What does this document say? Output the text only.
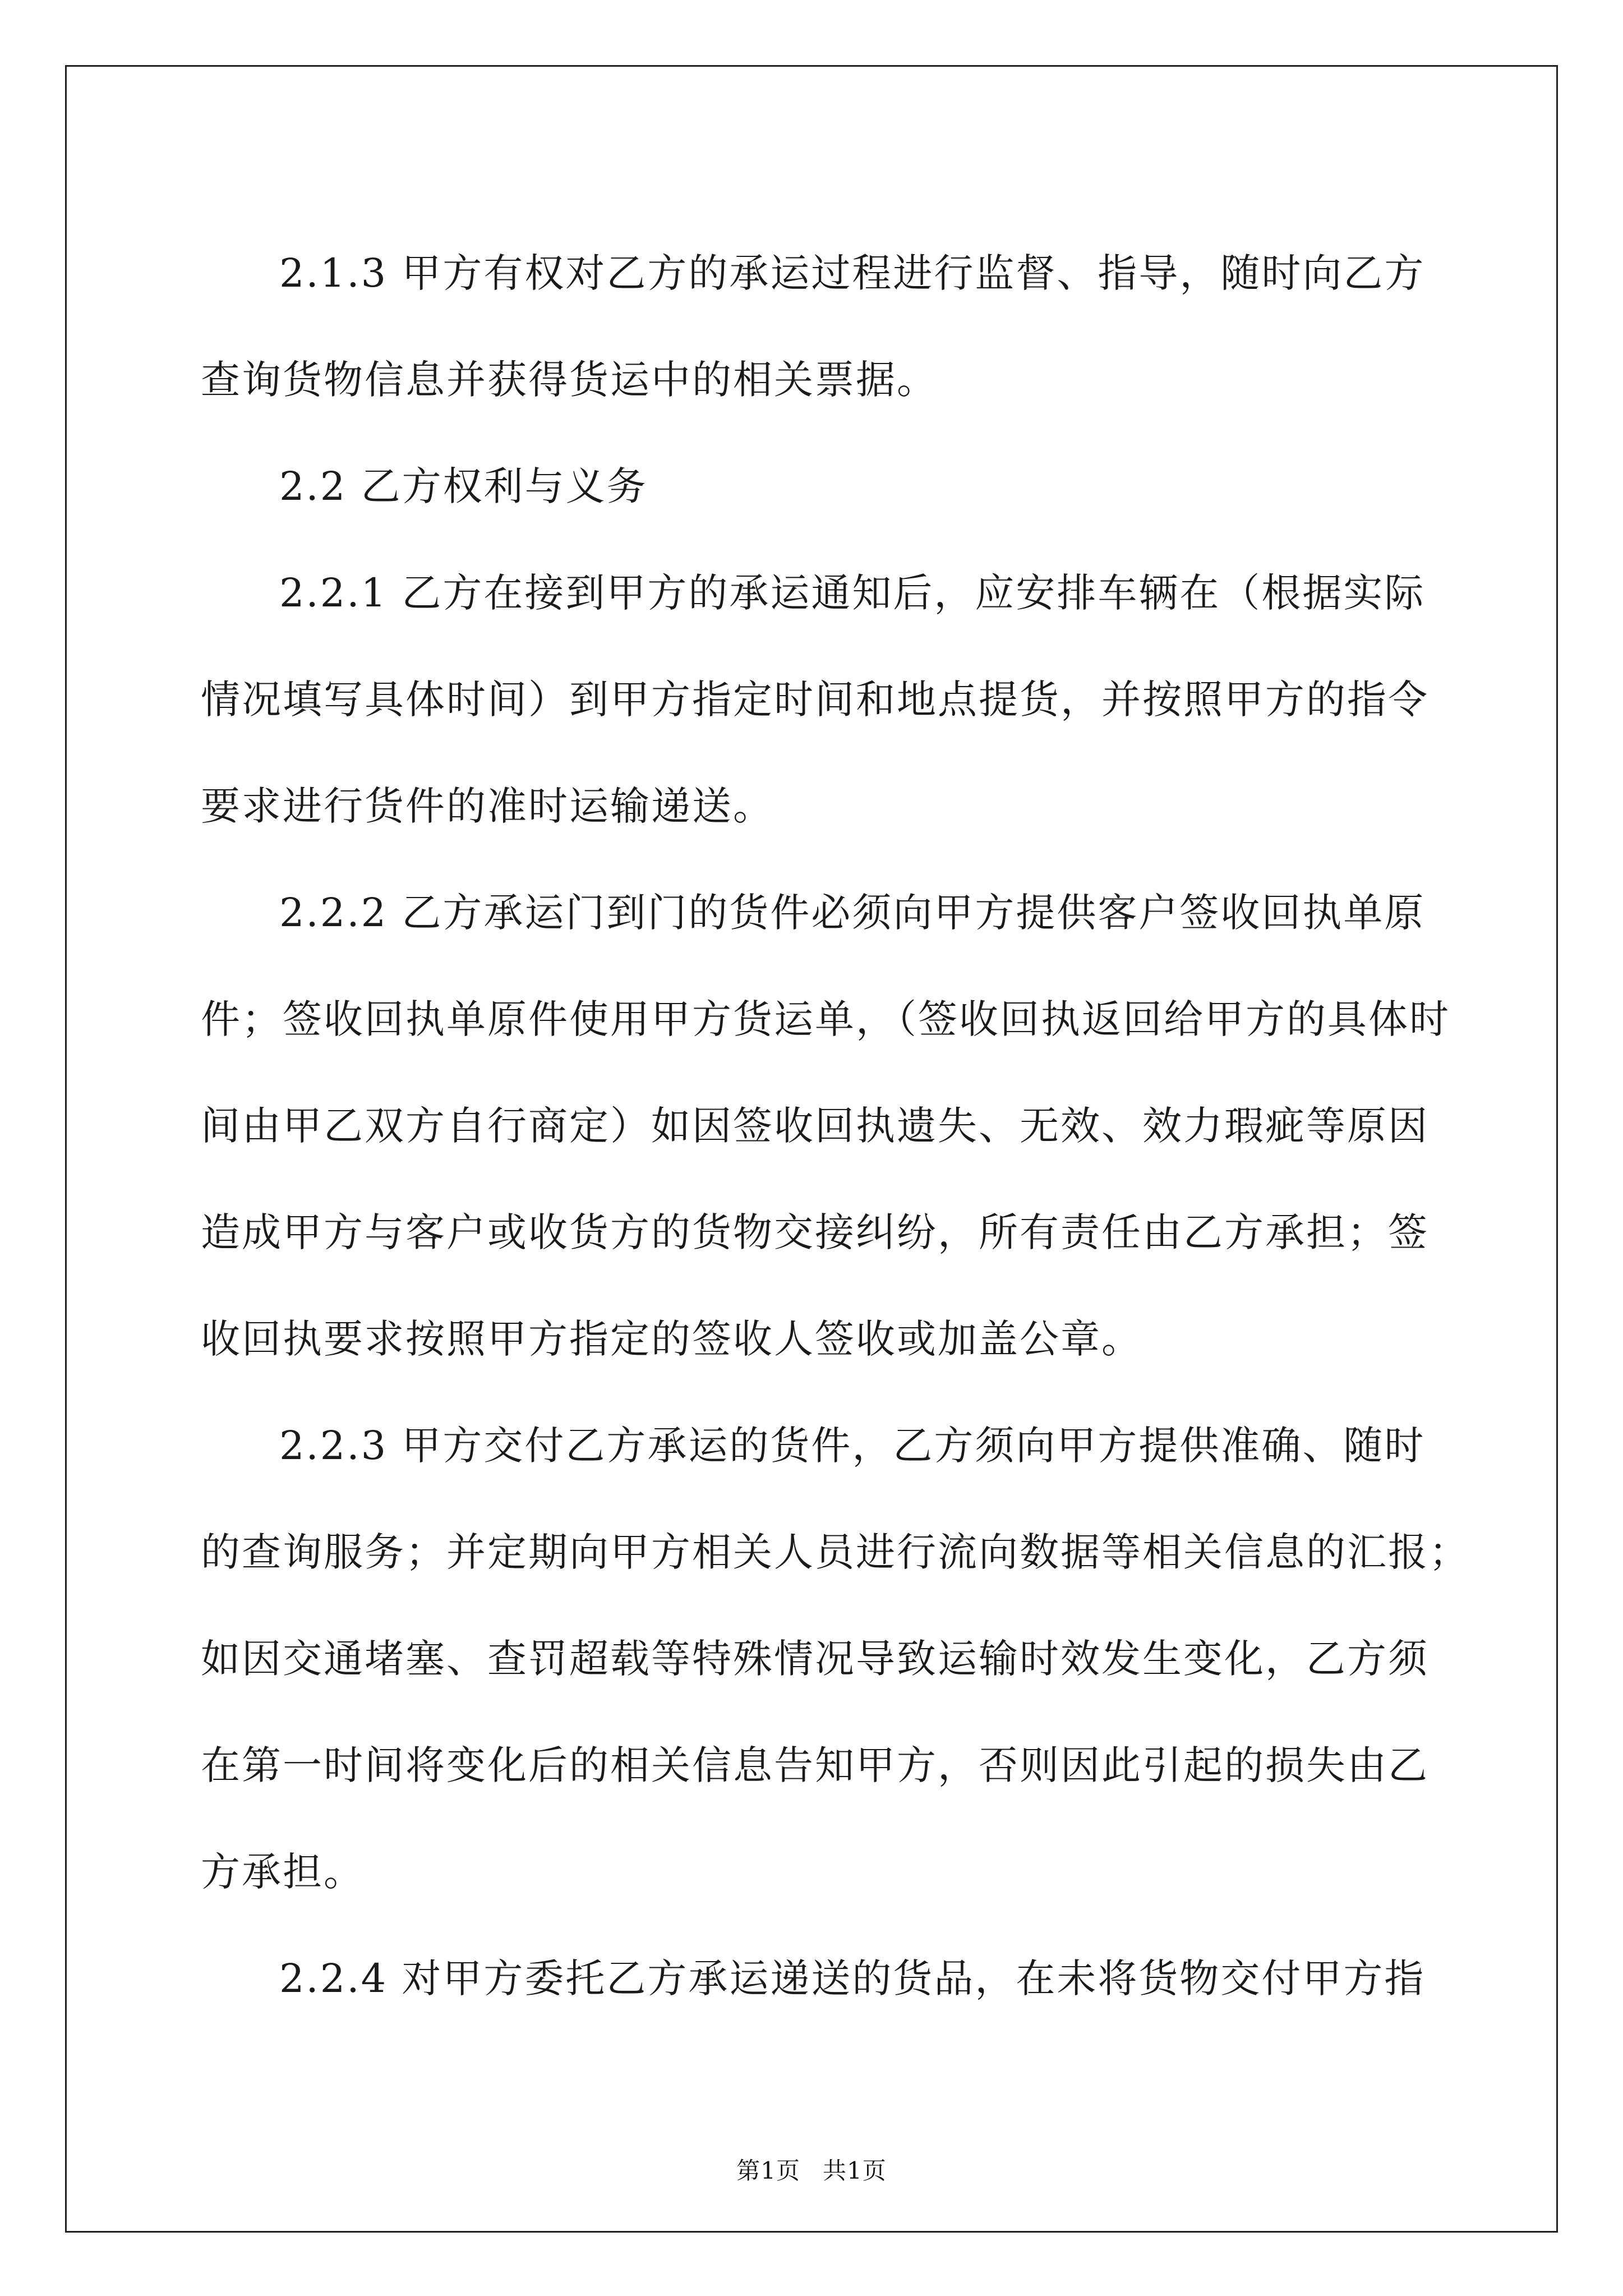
2.1.3 甲方有权对乙方的承运过程进行监督、指导，随时向乙方
查询货物信息并获得货运中的相关票据。

2.2 乙方权利与义务

2.2.1 乙方在接到甲方的承运通知后，应安排车辆在（根据实际
情况填写具体时间）到甲方指定时间和地点提货，并按照甲方的指令
要求进行货件的准时运输递送。

2.2.2 乙方承运门到门的货件必须向甲方提供客户签收回执单原
件；签收回执单原件使用甲方货运单，（签收回执返回给甲方的具体时
间由甲乙双方自行商定）如因签收回执遗失、无效、效力瑕疵等原因
造成甲方与客户或收货方的货物交接纠纷，所有责任由乙方承担；签
收回执要求按照甲方指定的签收人签收或加盖公章。

2.2.3 甲方交付乙方承运的货件，乙方须向甲方提供准确、随时
的查询服务；并定期向甲方相关人员进行流向数据等相关信息的汇报；
如因交通堵塞、查罚超载等特殊情况导致运输时效发生变化，乙方须
在第一时间将变化后的相关信息告知甲方，否则因此引起的损失由乙
方承担。

2.2.4 对甲方委托乙方承运递送的货品，在未将货物交付甲方指

第1页 共1页
